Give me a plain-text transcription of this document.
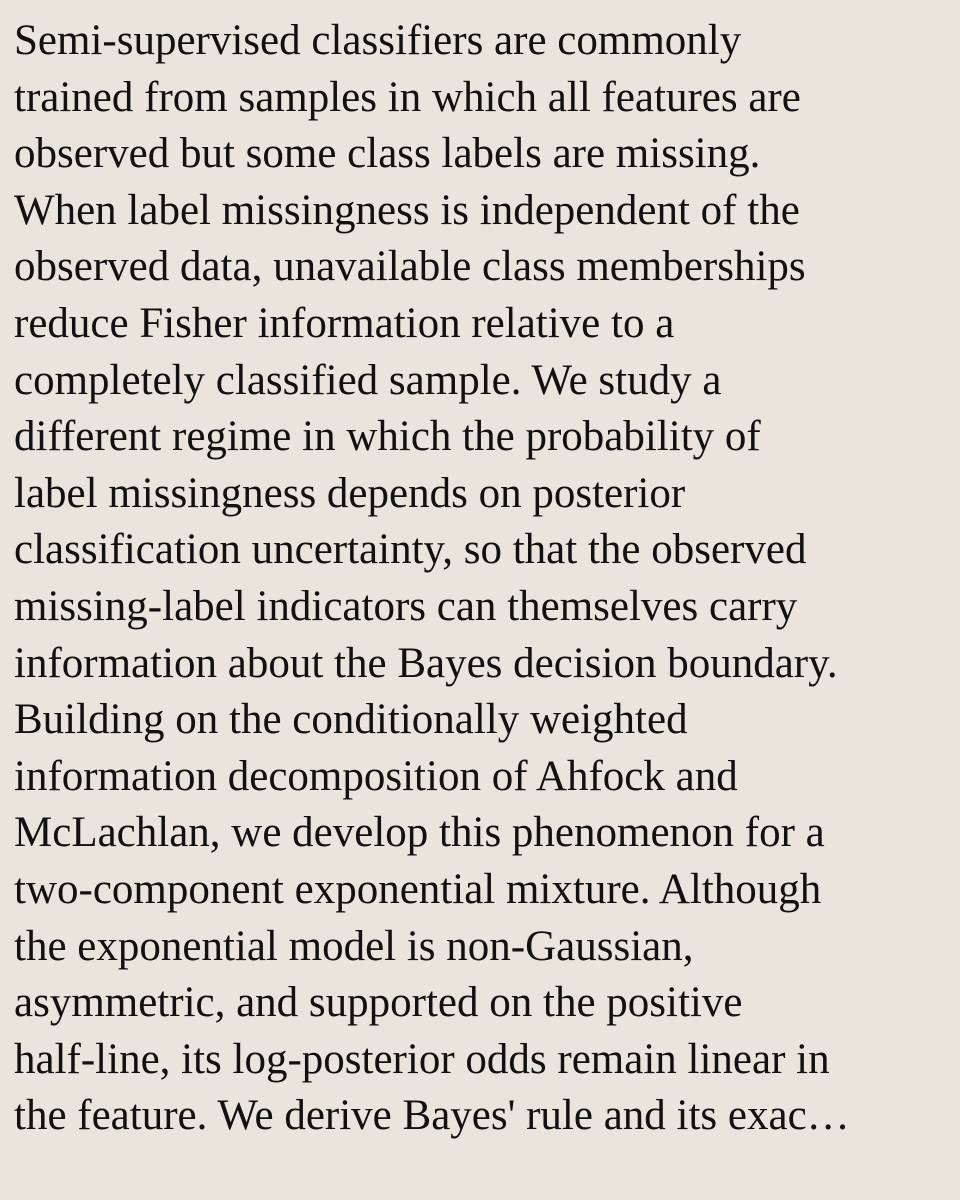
Semi-supervised classifiers are commonly
trained from samples in which all features are
observed but some class labels are missing.
When label missingness is independent of the
observed data, unavailable class memberships
reduce Fisher information relative to a
completely classified sample. We study a
different regime in which the probability of
label missingness depends on posterior
classification uncertainty, so that the observed
missing-label indicators can themselves carry
information about the Bayes decision boundary.
Building on the conditionally weighted
information decomposition of Ahfock and
McLachlan, we develop this phenomenon for a
two-component exponential mixture. Although
the exponential model is non-Gaussian,
asymmetric, and supported on the positive
half-line, its log-posterior odds remain linear in
the feature. We derive Bayes' rule and its exac…
